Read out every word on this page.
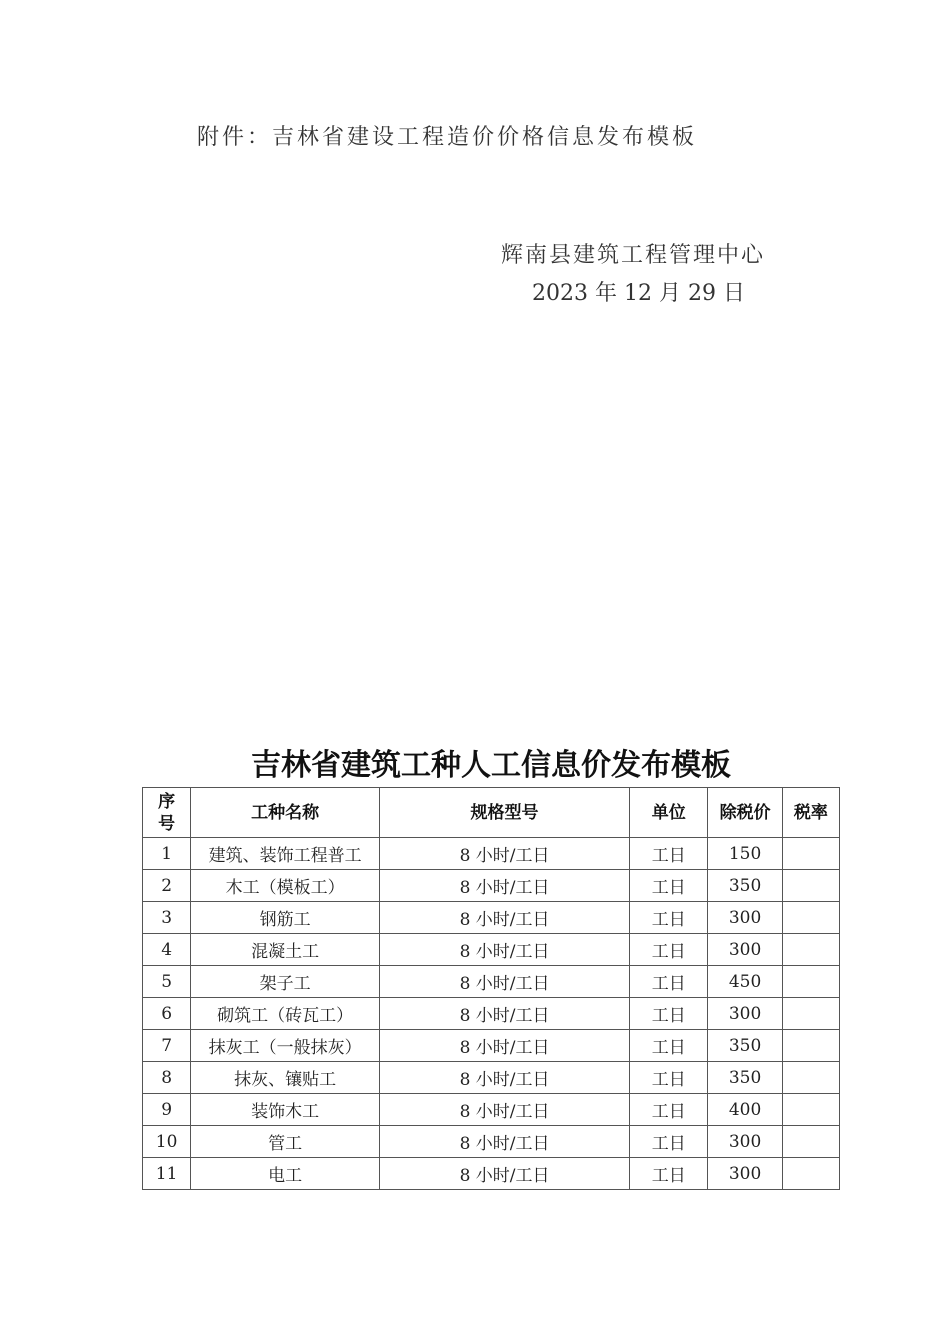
附件：吉林省建设工程造价价格信息发布模板
辉南县建筑工程管理中心
2023 年 12 月 29 日
吉林省建筑工种人工信息价发布模板
序
号	工种名称	规格型号	单位	除税价	税率
1	建筑、装饰工程普工	8 小时/工日	工日	150	
2	木工（模板工）	8 小时/工日	工日	350	
3	钢筋工	8 小时/工日	工日	300	
4	混凝土工	8 小时/工日	工日	300	
5	架子工	8 小时/工日	工日	450	
6	砌筑工（砖瓦工）	8 小时/工日	工日	300	
7	抹灰工（一般抹灰）	8 小时/工日	工日	350	
8	抹灰、镶贴工	8 小时/工日	工日	350	
9	装饰木工	8 小时/工日	工日	400	
10	管工	8 小时/工日	工日	300	
11	电工	8 小时/工日	工日	300	
